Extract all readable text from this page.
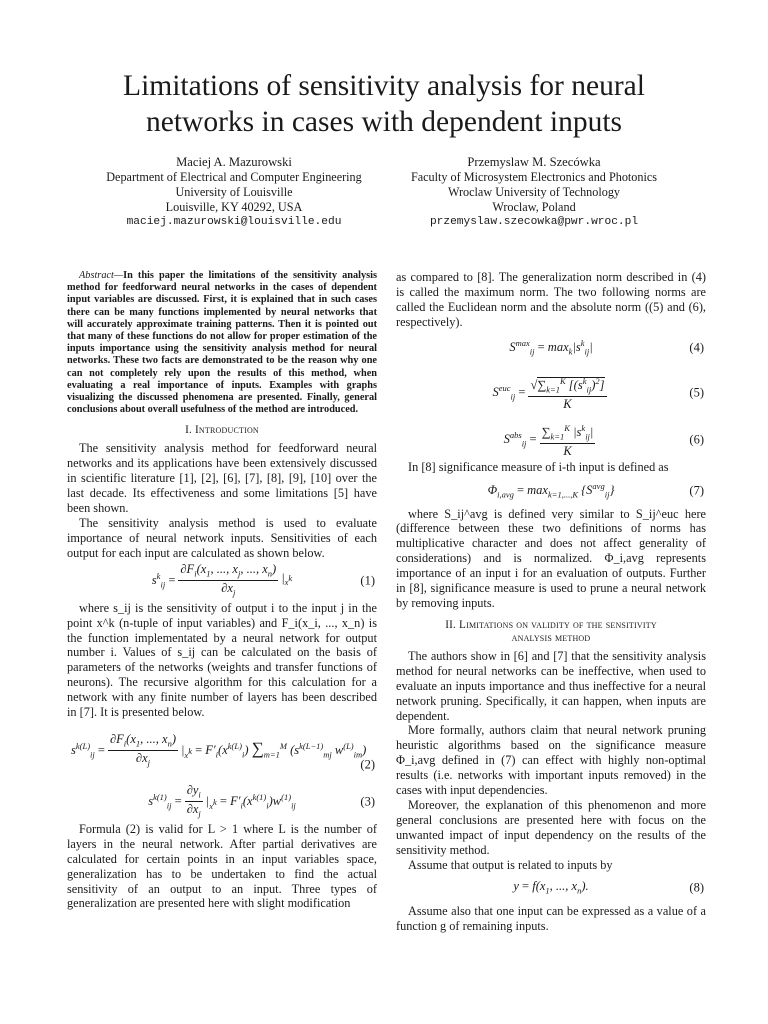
Limitations of sensitivity analysis for neural
networks in cases with dependent inputs
Maciej A. Mazurowski
Department of Electrical and Computer Engineering
University of Louisville
Louisville, KY 40292, USA
maciej.mazurowski@louisville.edu
Przemyslaw M. Szecówka
Faculty of Microsystem Electronics and Photonics
Wroclaw University of Technology
Wroclaw, Poland
przemyslaw.szecowka@pwr.wroc.pl

Abstract—In this paper the limitations of the sensitivity analysis method for feedforward neural networks in the cases of dependent input variables are discussed. First, it is explained that in such cases there can be many functions implemented by neural networks that will accurately approximate training patterns. Then it is pointed out that many of these functions do not allow for proper estimation of the inputs importance using the sensitivity analysis method for neural networks. These two facts are demonstrated to be the reason why one can not completely rely upon the results of this method, when evaluating a real importance of inputs. Examples with graphs visualizing the discussed phenomena are presented. Finally, general conclusions about overall usefulness of the method are introduced.

I. Introduction

The sensitivity analysis method for feedforward neural networks and its applications have been extensively discussed in scientific literature [1], [2], [6], [7], [8], [9], [10] over the last decade. Its effectiveness and some limitations [5] have been shown.

The sensitivity analysis method is used to evaluate importance of neural network inputs. Sensitivities of each output for each input are calculated as shown below.

$s^k_{ij} = \frac{\partial F_i(x_1, ..., x_j, ..., x_n)}{\partial x_j} |_{x^k}$	(1)

where s_ij is the sensitivity of output i to the input j in the point x^k (n-tuple of input variables) and F_i(x_i, ..., x_n) is the function implementated by a neural network for output number i. Values of s_ij can be calculated on the basis of parameters of the networks (weights and transfer functions of neurons). The recursive algorithm for this calculation for a network with any finite number of layers has been described in [7]. It is presented below.

$s^{k(L)}_{ij} = \frac{\partial F_i(x_1, ..., x_n)}{\partial x_j} |_{x^k} = F'_i(x^{k(L)}_i)$ $\sum_{m=1}^M$ ($s^{k(L-1)}_{mj}$ $w^{(L)}_{im}$)
(2)
$s^{k(1)}_{ij} = \frac{\partial y_i}{\partial x_j} |_{x^k} = F'_i(x^{k(1)}_i)w^{(1)}_{ij}$	(3)

Formula (2) is valid for L > 1 where L is the number of layers in the neural network. After partial derivatives are calculated for certain points in an input variables space, generalization has to be undertaken to find the actual sensitivity of an output to an input. Three types of generalization are presented here with slight modification

as compared to [8]. The generalization norm described in (4) is called the maximum norm. The two following norms are called the Euclidean norm and the absolute norm ((5) and (6), respectively).

$S^{max}_{ij} = \max_k|s^k_{ij}|$	(4)
$S^{euc}_{ij} = \frac{√\sum_{k=1}^K [(s^k_{ij})^2]}{K}$	(5)
$S^{abs}_{ij} = \frac{\sum_{k=1}^K |s^k_{ij}|}{K}$	(6)

In [8] significance measure of i-th input is defined as

$\Phi_{i,avg} = \max_{k=1,...,K} \{S^{avg}_{ij}\}$	(7)

where S_ij^avg is defined very similar to S_ij^euc here (difference between these two definitions of norms has multiplicative character and does not affect generality of considerations) and is normalized. Φ_i,avg represents importance of an input i for an evaluation of outputs. Further in [8], significance measure is used to prune a neural network by removing inputs.

II. Limitations on validity of the sensitivity
analysis method

The authors show in [6] and [7] that the sensitivity analysis method for neural networks can be ineffective, when used to evaluate an inputs importance and thus ineffective for a neural network pruning. Specifically, it can happen, when inputs are dependent.

More formally, authors claim that neural network pruning heuristic algorithms based on the significance measure Φ_i,avg defined in (7) can effect with highly non-optimal results (i.e. networks with important inputs removed) in the cases with input dependencies.

Moreover, the explanation of this phenomenon and more general conclusions are presented here with focus on the unwanted impact of input dependency on the results of the sensitivity method.

Assume that output is related to inputs by

$y = f(x_1$, ..., $x_n$).	(8)

Assume also that one input can be expressed as a value of a function g of remaining inputs.
